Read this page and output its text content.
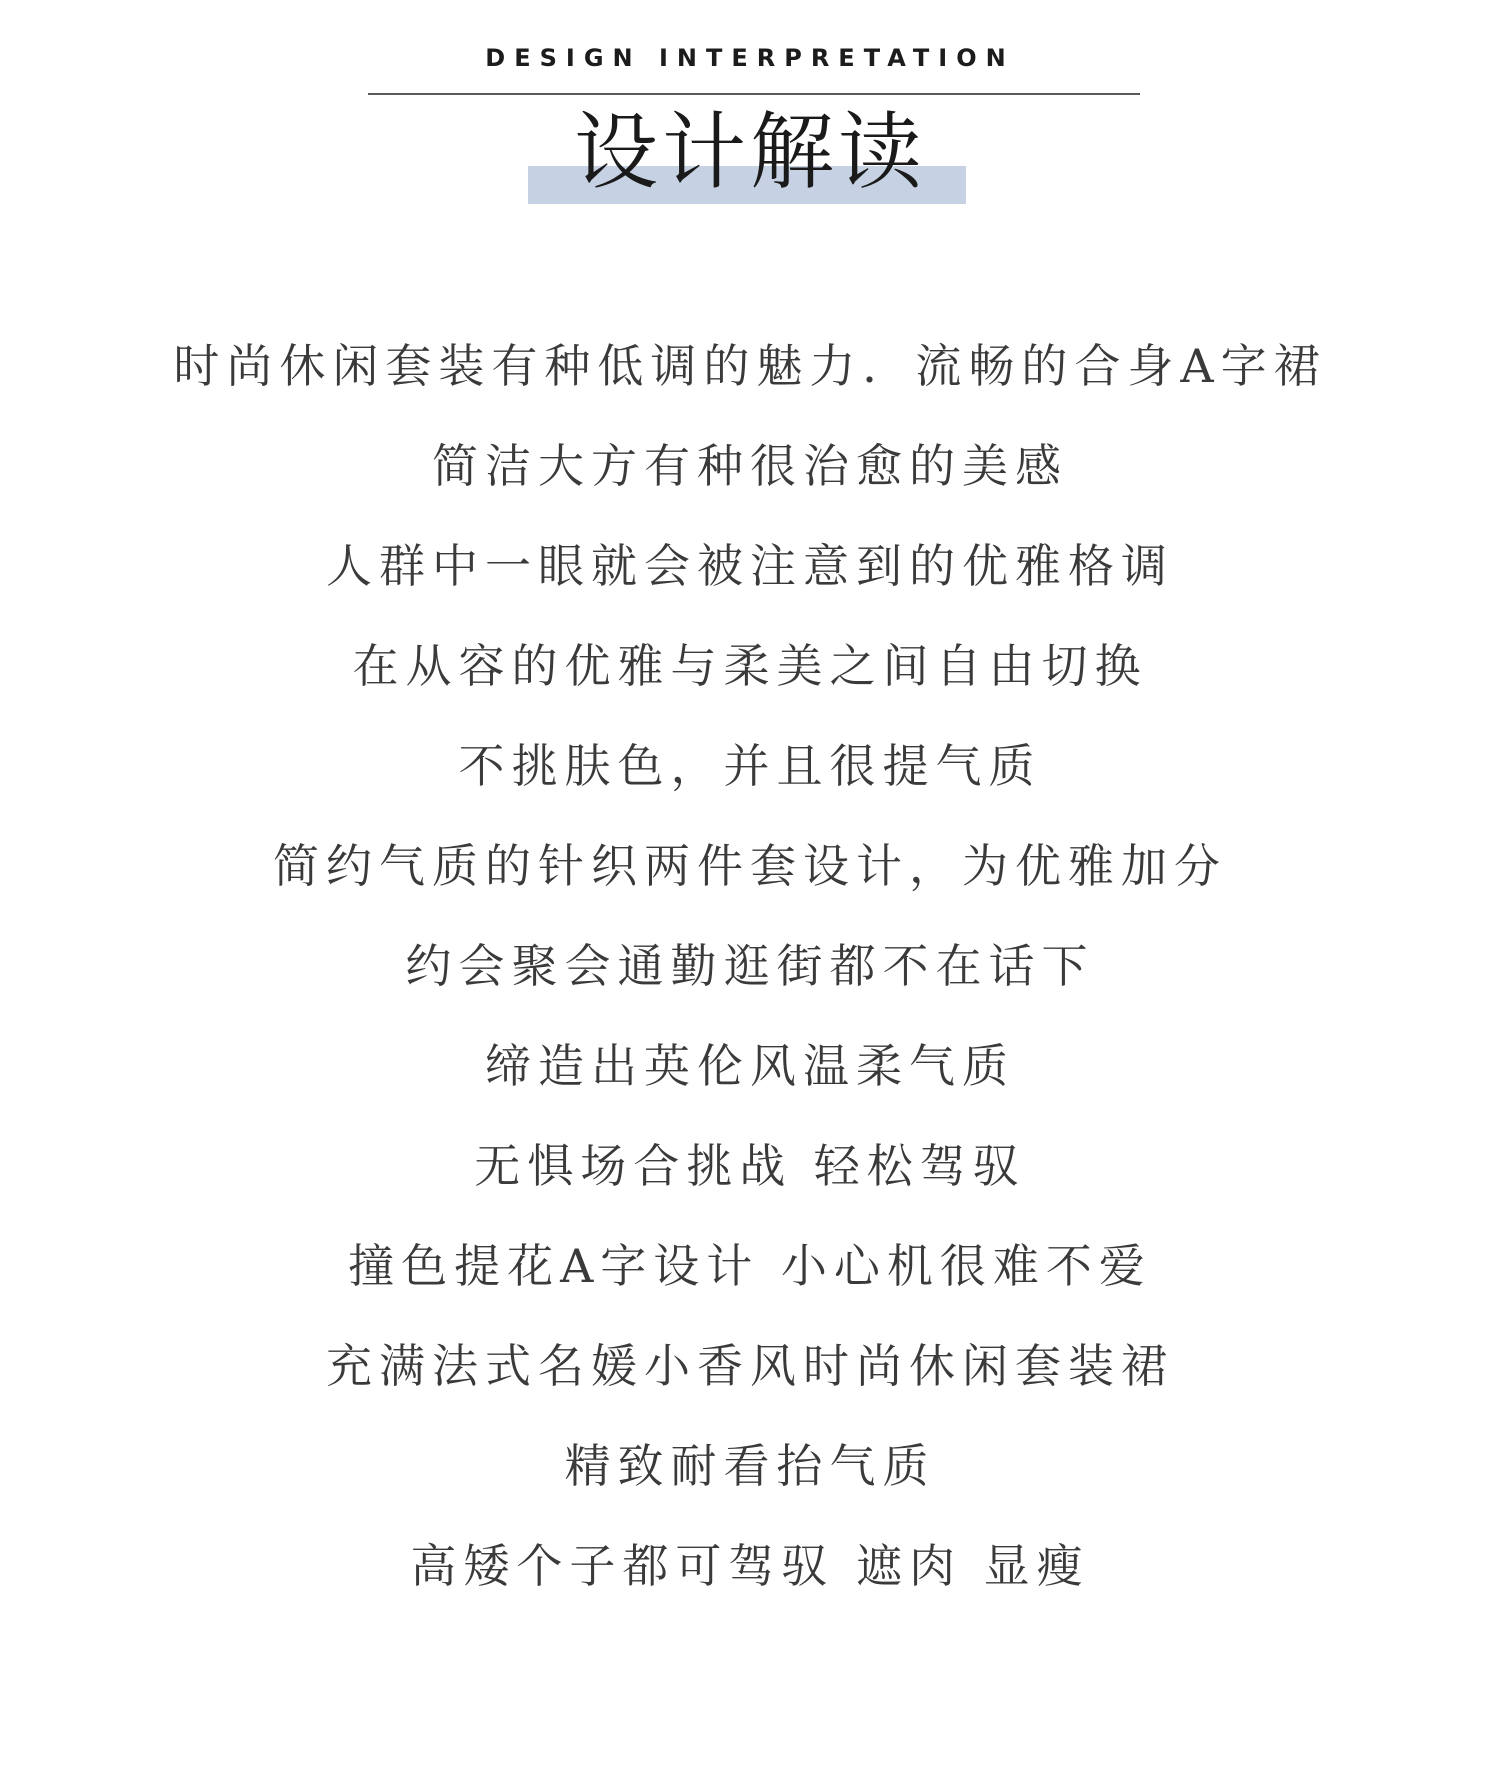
DESIGN INTERPRETATION
设计解读
时尚休闲套装有种低调的魅力．流畅的合身A字裙
简洁大方有种很治愈的美感
人群中一眼就会被注意到的优雅格调
在从容的优雅与柔美之间自由切换
不挑肤色，并且很提气质
简约气质的针织两件套设计，为优雅加分
约会聚会通勤逛街都不在话下
缔造出英伦风温柔气质
无惧场合挑战 轻松驾驭
撞色提花A字设计 小心机很难不爱
充满法式名媛小香风时尚休闲套装裙
精致耐看抬气质
高矮个子都可驾驭 遮肉 显瘦
